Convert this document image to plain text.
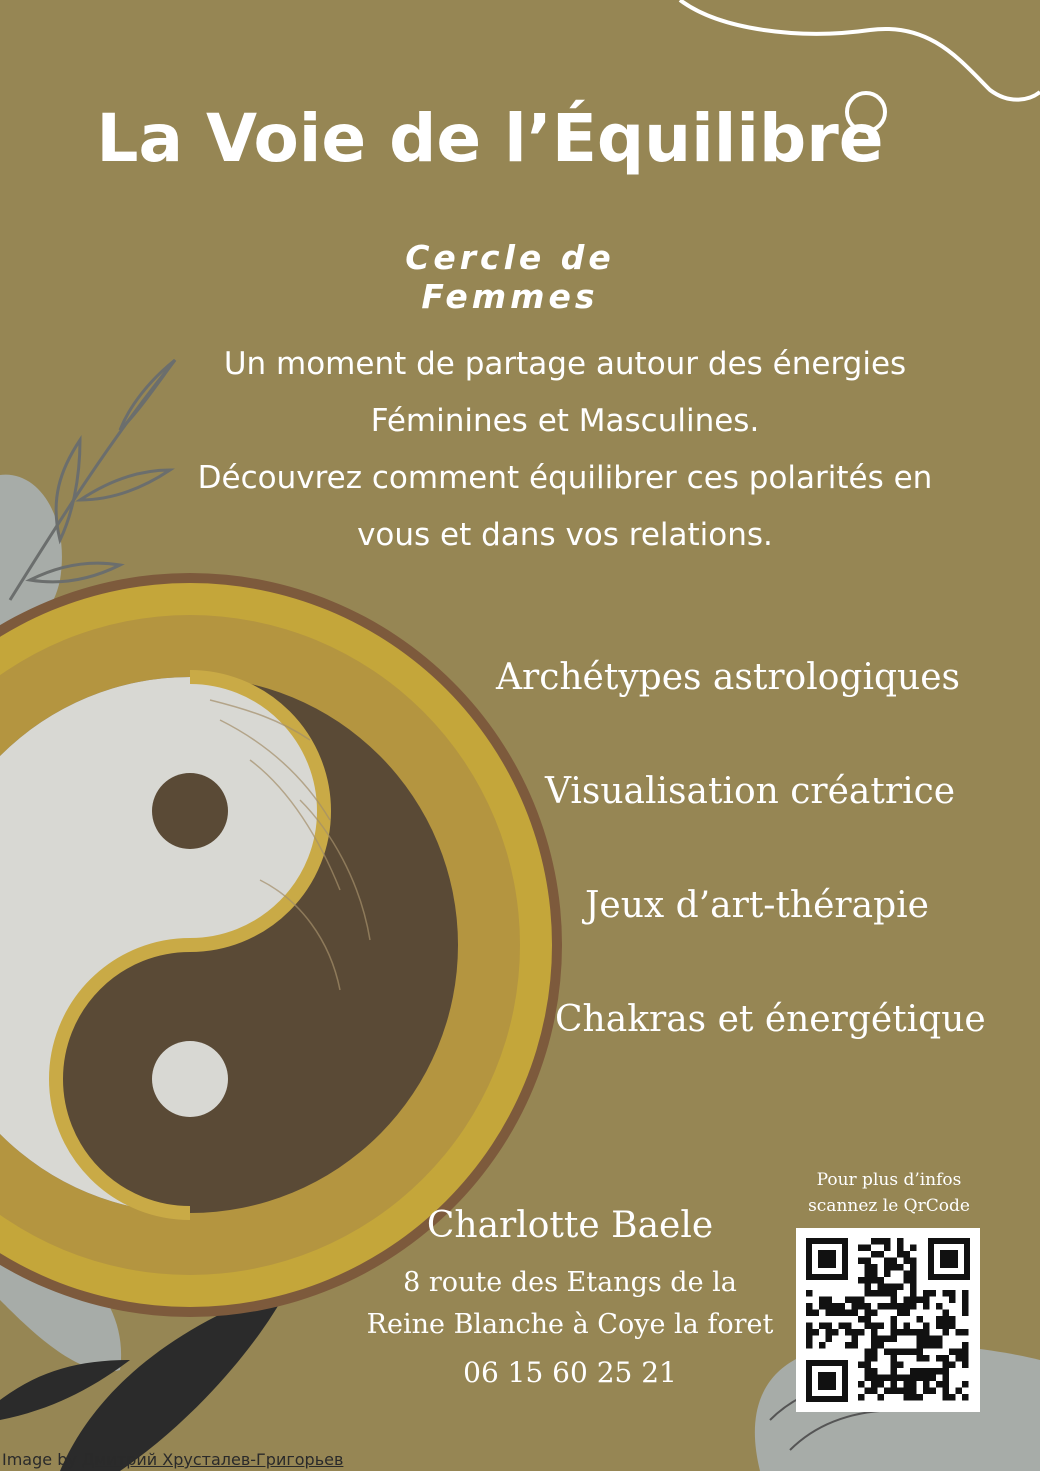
La Voie de l’Équilibre
Cercle de Femmes

Un moment de partage autour des énergies

Féminines et Masculines.

Découvrez comment équilibrer ces polarités en

vous et dans vos relations.

Archétypes astrologiques

Visualisation créatrice

Jeux d’art-thérapie

Chakras et énergétique

Charlotte Baele

8 route des Etangs de la

Reine Blanche à Coye la foret

06 15 60 25 21

Pour plus d’infos

scannez le QrCode

Image by Дмитрий Хрусталев-Григорьев
